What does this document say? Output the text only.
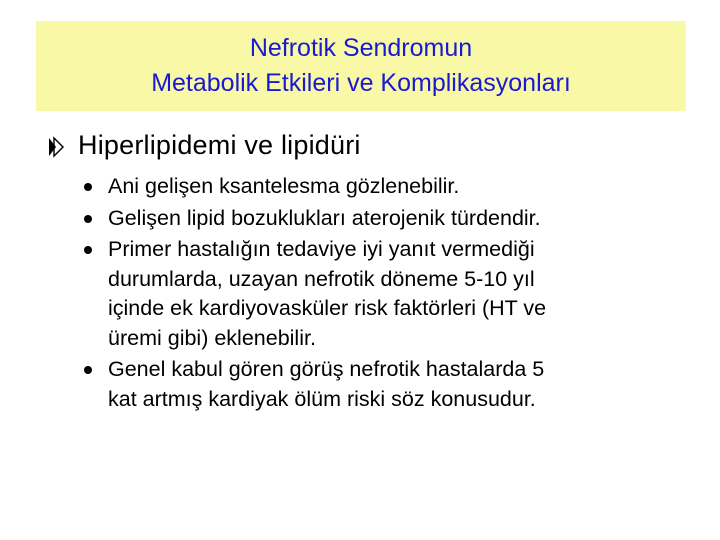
Nefrotik Sendromun
Metabolik Etkileri ve Komplikasyonları
Hiperlipidemi ve lipidüri
Ani gelişen ksantelesma gözlenebilir.
Gelişen lipid bozuklukları aterojenik türdendir.
Primer hastalığın tedaviye iyi yanıt vermediği
durumlarda, uzayan nefrotik döneme 5-10 yıl
içinde ek kardiyovasküler risk faktörleri (HT ve
üremi gibi) eklenebilir.
Genel kabul gören görüş nefrotik hastalarda 5
kat artmış kardiyak ölüm riski söz konusudur.
